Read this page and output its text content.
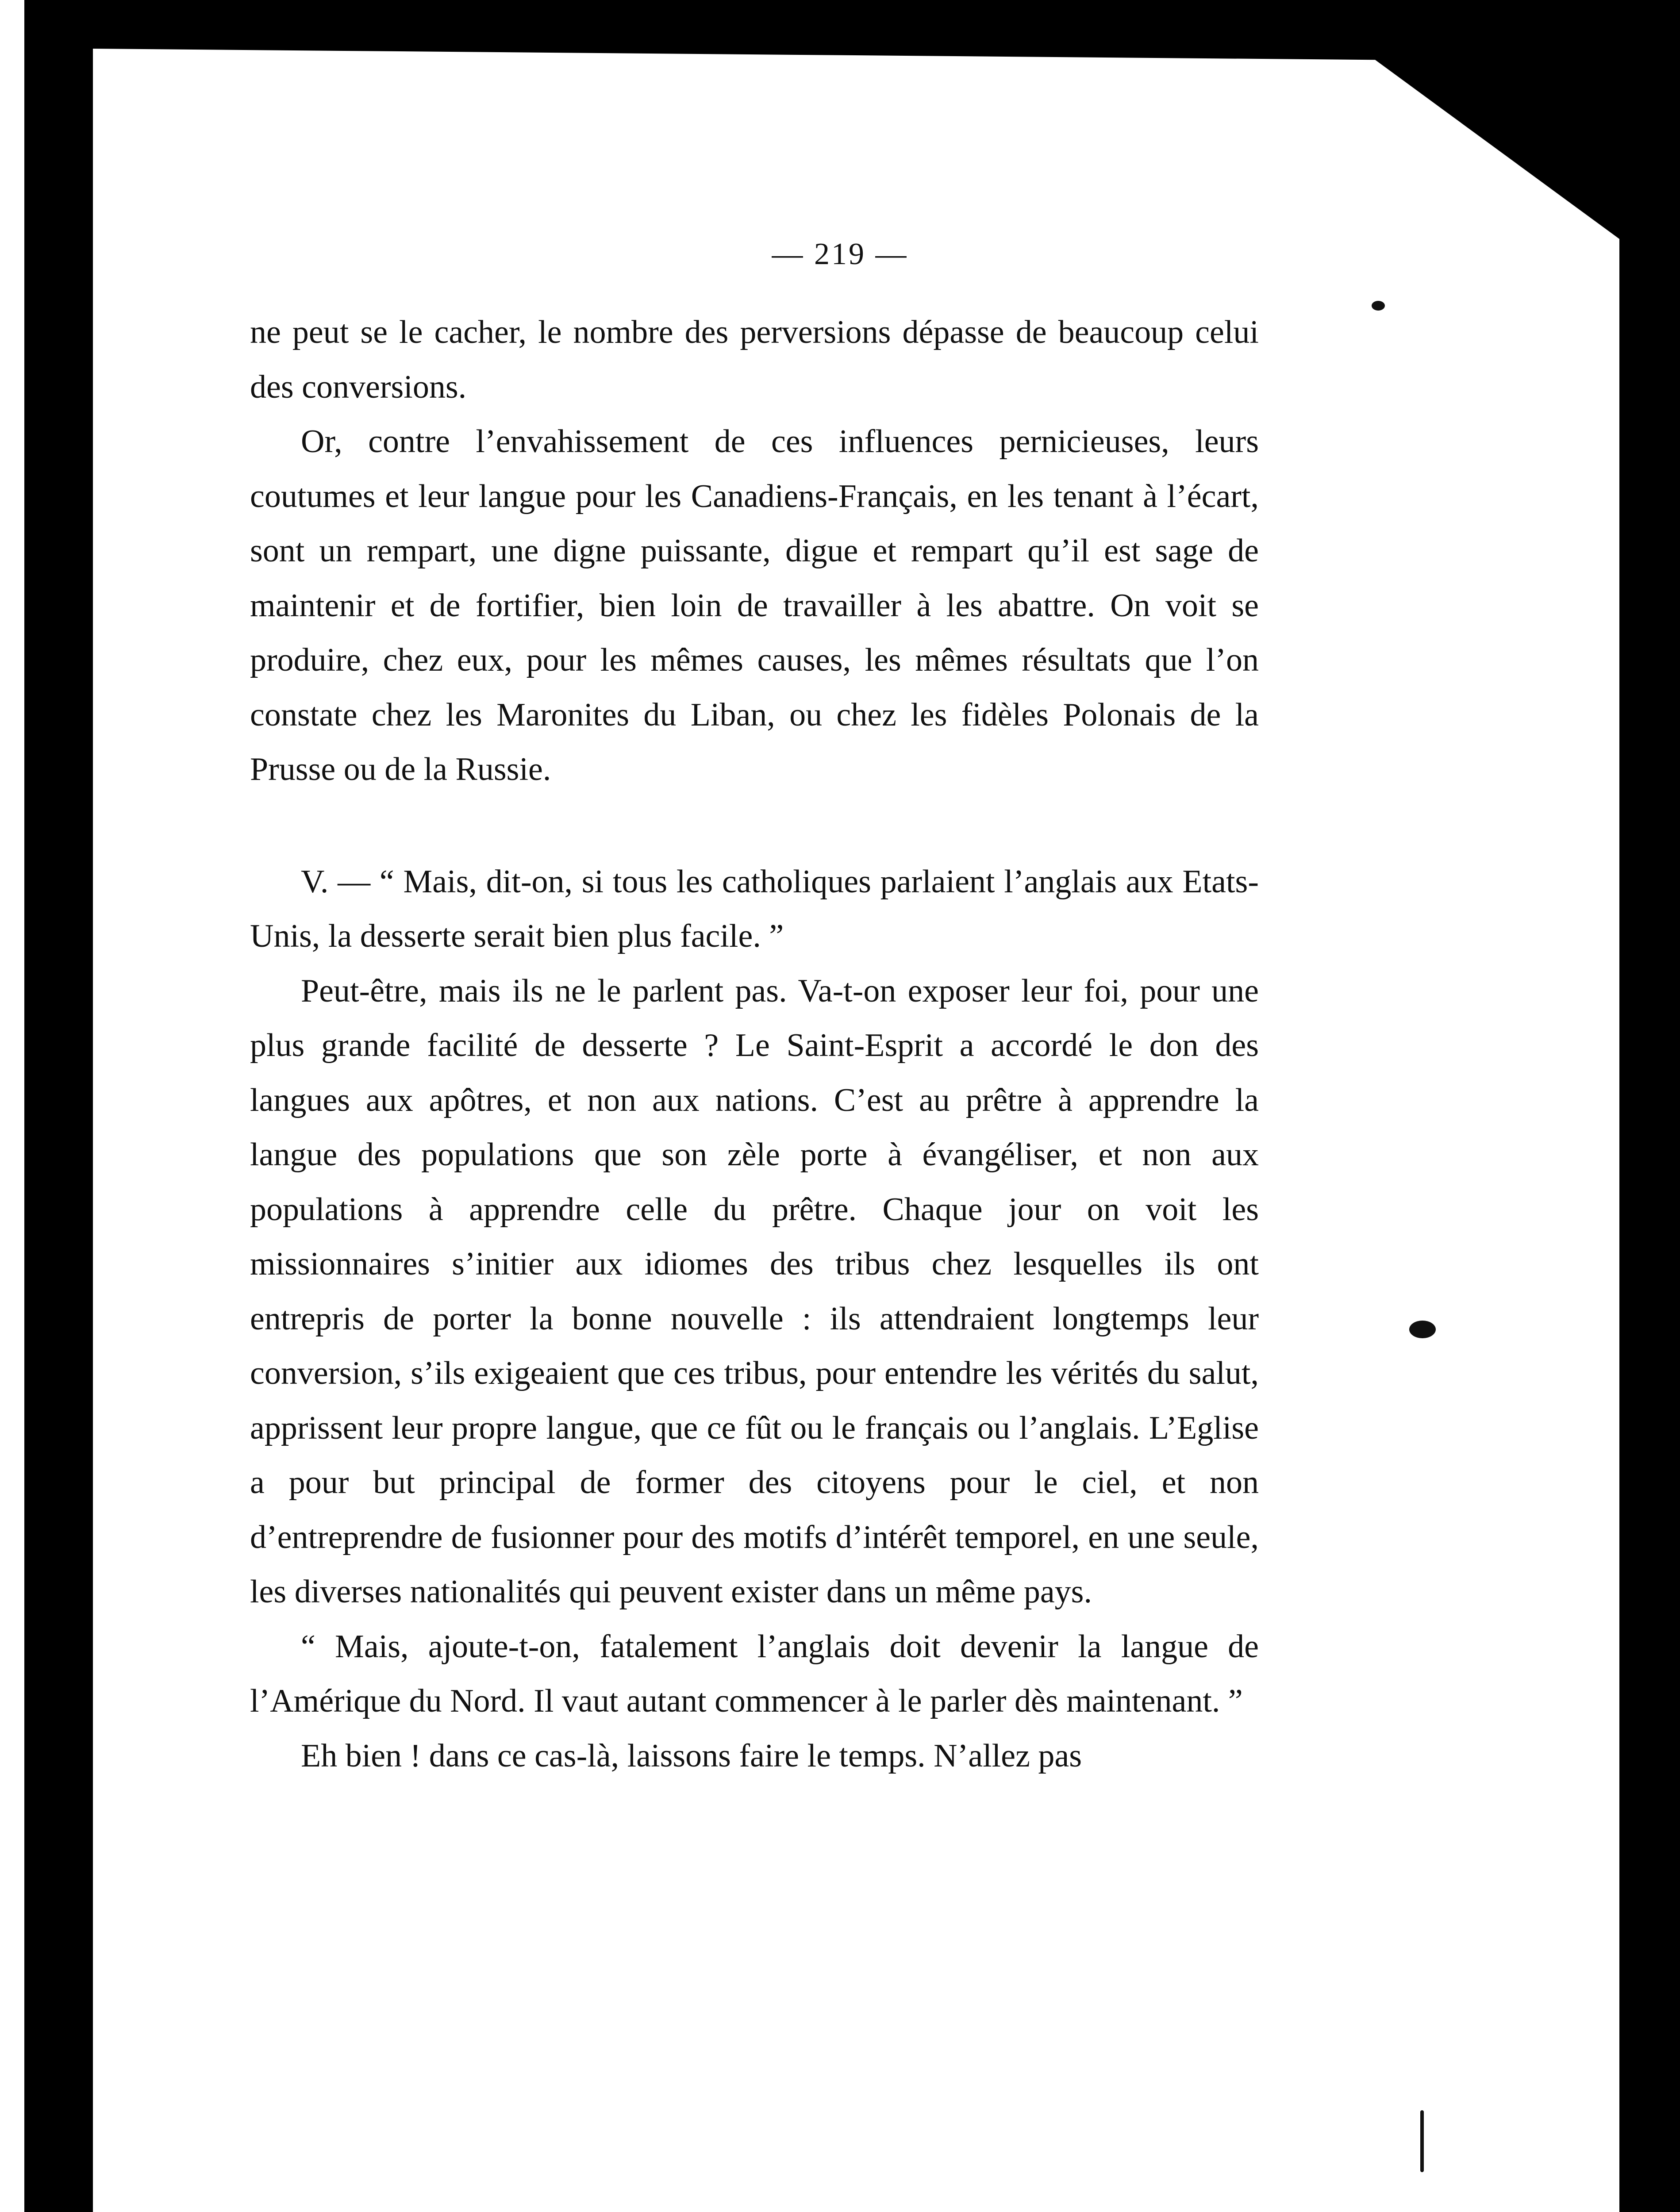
— 219 —

ne peut se le cacher, le nombre des perversions dépasse de beaucoup celui des conversions.

Or, contre l’envahissement de ces influences pernicieuses, leurs coutumes et leur langue pour les Canadiens-Français, en les tenant à l’écart, sont un rempart, une digne puissante, digue et rempart qu’il est sage de maintenir et de fortifier, bien loin de travailler à les abattre. On voit se produire, chez eux, pour les mêmes causes, les mêmes résultats que l’on constate chez les Maronites du Liban, ou chez les fidèles Polonais de la Prusse ou de la Russie.

V. — “ Mais, dit-on, si tous les catholiques parlaient l’anglais aux Etats-Unis, la desserte serait bien plus facile. ”

Peut-être, mais ils ne le parlent pas. Va-t-on exposer leur foi, pour une plus grande facilité de desserte ? Le Saint-Esprit a accordé le don des langues aux apôtres, et non aux nations. C’est au prêtre à apprendre la langue des populations que son zèle porte à évangéliser, et non aux populations à apprendre celle du prêtre. Chaque jour on voit les missionnaires s’initier aux idiomes des tribus chez lesquelles ils ont entrepris de porter la bonne nouvelle : ils attendraient longtemps leur conversion, s’ils exigeaient que ces tribus, pour entendre les vérités du salut, apprissent leur propre langue, que ce fût ou le français ou l’anglais. L’Eglise a pour but principal de former des citoyens pour le ciel, et non d’entreprendre de fusionner pour des motifs d’intérêt temporel, en une seule, les diverses nationalités qui peuvent exister dans un même pays.

“ Mais, ajoute-t-on, fatalement l’anglais doit devenir la langue de l’Amérique du Nord. Il vaut autant commencer à le parler dès maintenant. ”

Eh bien ! dans ce cas-là, laissons faire le temps. N’allez pas
